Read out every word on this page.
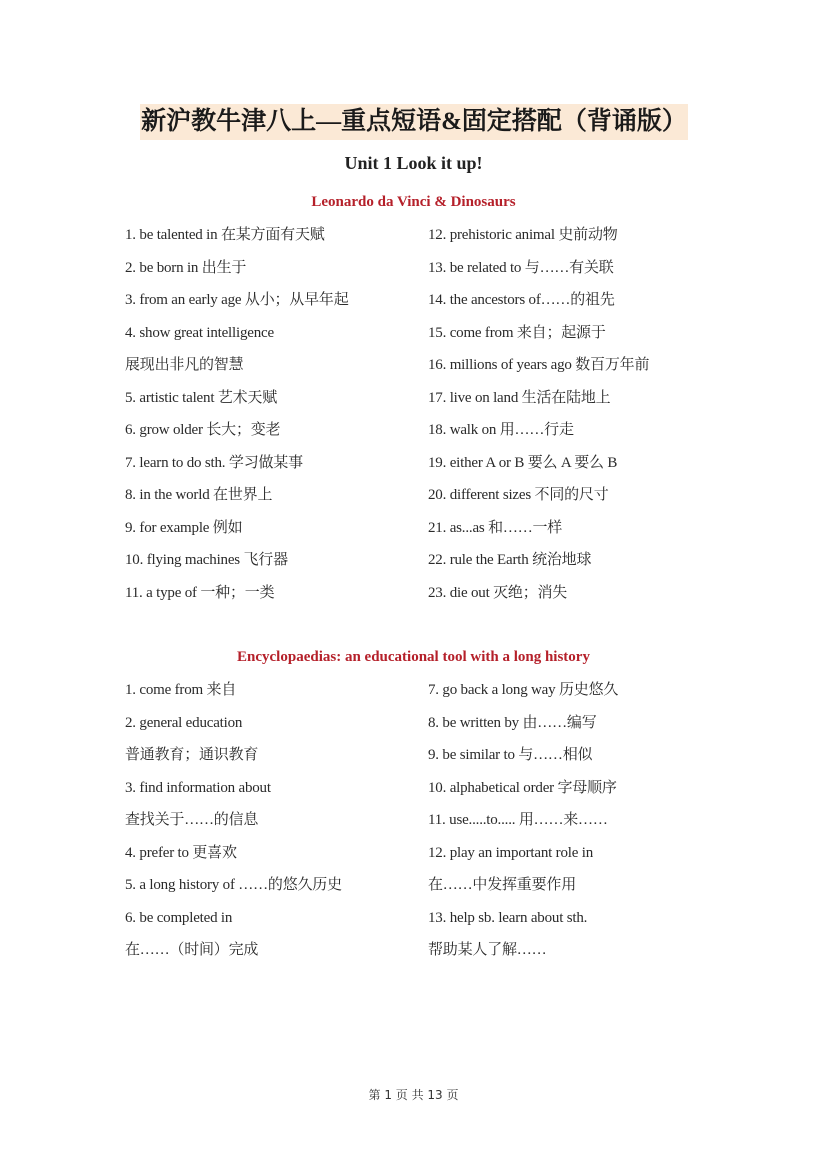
新沪教牛津八上—重点短语&固定搭配（背诵版）
Unit 1 Look it up!
Leonardo da Vinci & Dinosaurs
1. be talented in 在某方面有天赋
2. be born in 出生于
3. from an early age 从小；从早年起
4. show great intelligence
展现出非凡的智慧
5. artistic talent 艺术天赋
6. grow older 长大；变老
7. learn to do sth. 学习做某事
8. in the world 在世界上
9. for example 例如
10. flying machines 飞行器
11. a type of 一种；一类
12. prehistoric animal 史前动物
13. be related to 与……有关联
14. the ancestors of……的祖先
15. come from 来自；起源于
16. millions of years ago 数百万年前
17. live on land 生活在陆地上
18. walk on 用……行走
19. either A or B 要么 A 要么 B
20. different sizes 不同的尺寸
21. as...as 和……一样
22. rule the Earth 统治地球
23. die out 灭绝；消失
Encyclopaedias: an educational tool with a long history
1. come from 来自
2. general education
普通教育；通识教育
3. find information about
查找关于……的信息
4. prefer to 更喜欢
5. a long history of ……的悠久历史
6. be completed in
在……（时间）完成
7. go back a long way 历史悠久
8. be written by 由……编写
9. be similar to 与……相似
10. alphabetical order 字母顺序
11. use.....to..... 用……来……
12. play an important role in
在……中发挥重要作用
13. help sb. learn about sth.
帮助某人了解……
第 1 页 共 13 页
